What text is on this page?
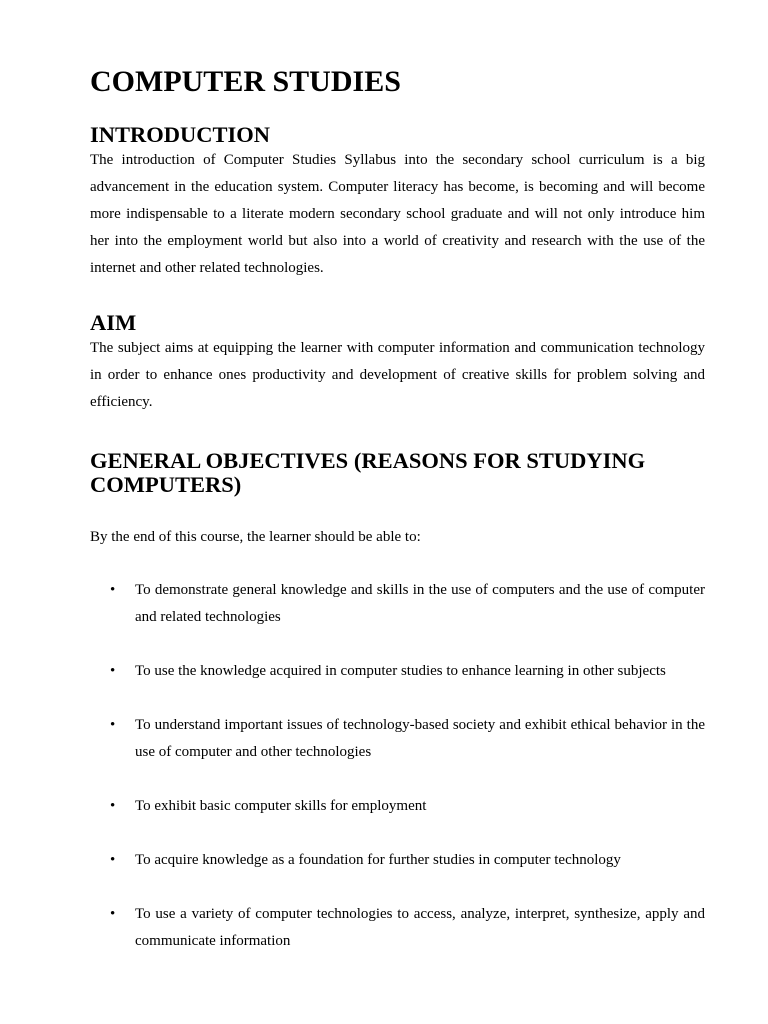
COMPUTER STUDIES
INTRODUCTION

The introduction of Computer Studies Syllabus into the secondary school curriculum is a big advancement in the education system. Computer literacy has become, is becoming and will become more indispensable to a literate modern secondary school graduate and will not only introduce him her into the employment world but also into a world of creativity and research with the use of the internet and other related technologies.

AIM

The subject aims at equipping the learner with computer information and communication technology in order to enhance ones productivity and development of creative skills for problem solving and efficiency.

GENERAL OBJECTIVES (REASONS FOR STUDYING COMPUTERS)

By the end of this course, the learner should be able to:

• To demonstrate general knowledge and skills in the use of computers and the use of computer and related technologies
• To use the knowledge acquired in computer studies to enhance learning in other subjects
• To understand important issues of technology-based society and exhibit ethical behavior in the use of computer and other technologies
• To exhibit basic computer skills for employment
• To acquire knowledge as a foundation for further studies in computer technology
• To use a variety of computer technologies to access, analyze, interpret, synthesize, apply and communicate information
